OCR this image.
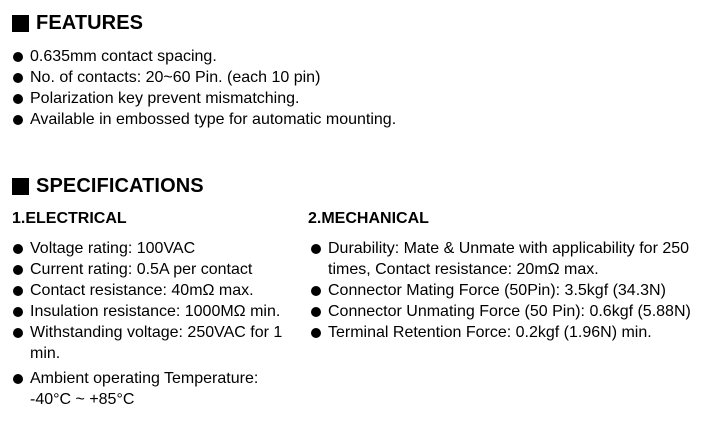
FEATURES
0.635mm contact spacing.
No. of contacts: 20~60 Pin. (each 10 pin)
Polarization key prevent mismatching.
Available in embossed type for automatic mounting.
SPECIFICATIONS
1.ELECTRICAL
Voltage rating: 100VAC
Current rating: 0.5A per contact
Contact resistance: 40mΩ max.
Insulation resistance: 1000MΩ min.
Withstanding voltage: 250VAC for 1 min.
Ambient operating Temperature: -40°C ~ +85°C
2.MECHANICAL
Durability: Mate & Unmate with applicability for 250 times, Contact resistance: 20mΩ max.
Connector Mating Force (50Pin): 3.5kgf (34.3N)
Connector Unmating Force (50 Pin): 0.6kgf (5.88N)
Terminal Retention Force: 0.2kgf (1.96N) min.
